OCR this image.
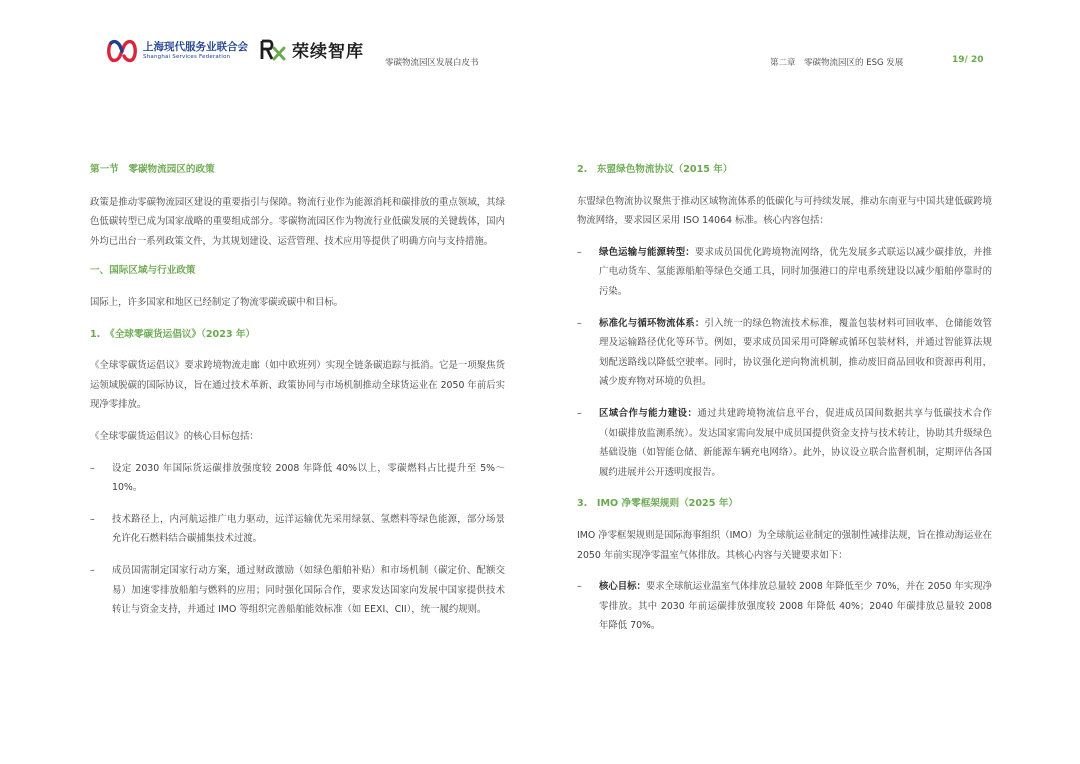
上海现代服务业联合会
Shanghai Services Federation	荣续智库
零碳物流园区发展白皮书	第二章　零碳物流园区的 ESG 发展	19/ 20

第一节　零碳物流园区的政策

政策是推动零碳物流园区建设的重要指引与保障。物流行业作为能源消耗和碳排放的重点领域，其绿色低碳转型已成为国家战略的重要组成部分。零碳物流园区作为物流行业低碳发展的关键载体，国内外均已出台一系列政策文件，为其规划建设、运营管理、技术应用等提供了明确方向与支持措施。

一、国际区域与行业政策

国际上，许多国家和地区已经制定了物流零碳或碳中和目标。

1.　《全球零碳货运倡议》（2023 年）

《全球零碳货运倡议》要求跨境物流走廊（如中欧班列）实现全链条碳追踪与抵消。它是一项聚焦货运领域脱碳的国际协议，旨在通过技术革新、政策协同与市场机制推动全球货运业在 2050 年前后实现净零排放。

《全球零碳货运倡议》的核心目标包括：

–	设定 2030 年国际货运碳排放强度较 2008 年降低 40%以上，零碳燃料占比提升至 5%～10%。
–	技术路径上，内河航运推广电力驱动，远洋运输优先采用绿氨、氢燃料等绿色能源，部分场景允许化石燃料结合碳捕集技术过渡。
–	成员国需制定国家行动方案，通过财政激励（如绿色船舶补贴）和市场机制（碳定价、配额交易）加速零排放船舶与燃料的应用；同时强化国际合作，要求发达国家向发展中国家提供技术转让与资金支持，并通过 IMO 等组织完善船舶能效标准（如 EEXI、CII），统一履约规则。

2.　东盟绿色物流协议（2015 年）

东盟绿色物流协议聚焦于推动区域物流体系的低碳化与可持续发展，推动东南亚与中国共建低碳跨境物流网络，要求园区采用 ISO 14064 标准。核心内容包括：

–	绿色运输与能源转型：要求成员国优化跨境物流网络，优先发展多式联运以减少碳排放，并推广电动货车、氢能源船舶等绿色交通工具，同时加强港口的岸电系统建设以减少船舶停靠时的污染。
–	标准化与循环物流体系：引入统一的绿色物流技术标准，覆盖包装材料可回收率、仓储能效管理及运输路径优化等环节。例如，要求成员国采用可降解或循环包装材料，并通过智能算法规划配送路线以降低空驶率。同时，协议强化逆向物流机制，推动废旧商品回收和资源再利用，减少废弃物对环境的负担。
–	区域合作与能力建设：通过共建跨境物流信息平台，促进成员国间数据共享与低碳技术合作（如碳排放监测系统）。发达国家需向发展中成员国提供资金支持与技术转让，协助其升级绿色基础设施（如智能仓储、新能源车辆充电网络）。此外，协议设立联合监督机制，定期评估各国履约进展并公开透明度报告。

3.　IMO 净零框架规则（2025 年）

IMO 净零框架规则是国际海事组织（IMO）为全球航运业制定的强制性减排法规，旨在推动海运业在 2050 年前实现净零温室气体排放。其核心内容与关键要求如下：

–	核心目标：要求全球航运业温室气体排放总量较 2008 年降低至少 70%，并在 2050 年实现净零排放。其中 2030 年前运碳排放强度较 2008 年降低 40%；2040 年碳排放总量较 2008 年降低 70%。
